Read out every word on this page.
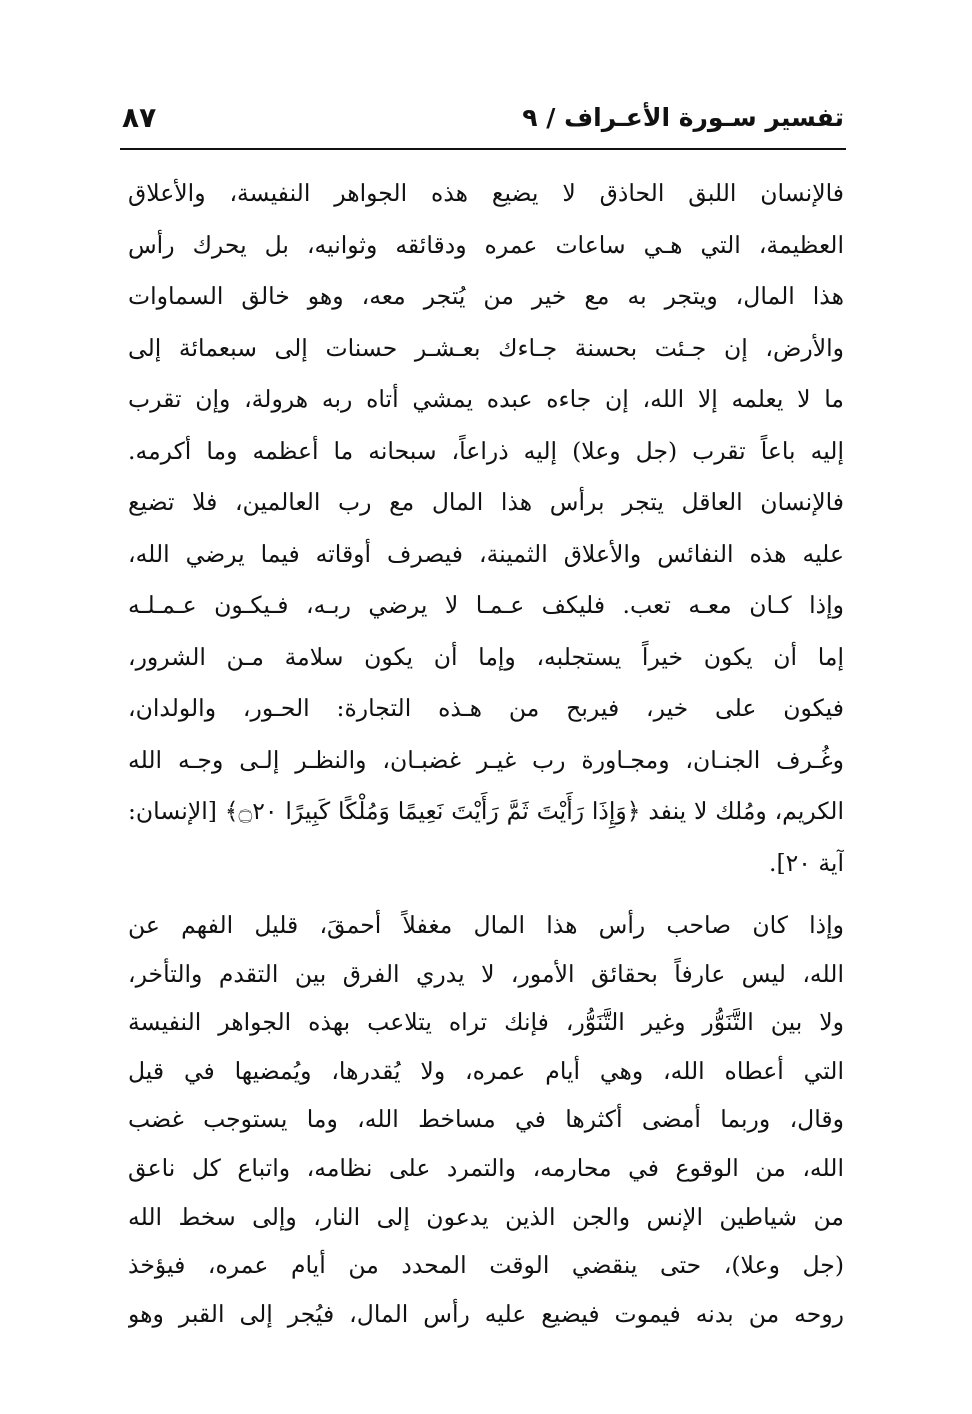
تفسير سـورة الأعـراف / ٩
٨٧
فالإنسان اللبق الحاذق لا يضيع هذه الجواهر النفيسة، والأعلاق
العظيمة، التي هـي ساعات عمره ودقائقه وثوانيه، بل يحرك رأس
هذا المال، ويتجر به مع خير من يُتجر معه، وهو خالق السماوات
والأرض، إن جـئت بحسنة جـاءك بعـشـر حسنات إلى سبعمائة إلى
ما لا يعلمه إلا الله، إن جاءه عبده يمشي أتاه ربه هرولة، وإن تقرب
إليه باعاً تقرب (جل وعلا) إليه ذراعاً، سبحانه ما أعظمه وما أكرمه.
فالإنسان العاقل يتجر برأس هذا المال مع رب العالمين، فلا تضيع
عليه هذه النفائس والأعلاق الثمينة، فيصرف أوقاته فيما يرضي الله،
وإذا كـان معـه تعب. فليكف عـمـا لا يرضي ربـه، فـيكـون عـمـلـه
إما أن يكون خيراً يستجلبه، وإما أن يكون سلامة مـن الشرور،
فيكون على خير، فيربح من هـذه التجارة: الحـور، والولدان،
وغُـرف الجنـان، ومجـاورة رب غيـر غضبـان، والنظـر إلـى وجـه الله
الكريم، ومُلك لا ينفد ﴿وَإِذَا رَأَيْتَ ثَمَّ رَأَيْتَ نَعِيمًا وَمُلْكًا كَبِيرًا ۝٢٠﴾ [الإنسان:
آية ٢٠].
وإذا كان صاحب رأس هذا المال مغفلاً أحمقَ، قليل الفهم عن
الله، ليس عارفاً بحقائق الأمور، لا يدري الفرق بين التقدم والتأخر،
ولا بين التَّنَوُّر وغير التَّنَوُّر، فإنك تراه يتلاعب بهذه الجواهر النفيسة
التي أعطاه الله، وهي أيام عمره، ولا يُقدرها، ويُمضيها في قيل
وقال، وربما أمضى أكثرها في مساخط الله، وما يستوجب غضب
الله، من الوقوع في محارمه، والتمرد على نظامه، واتباع كل ناعق
من شياطين الإنس والجن الذين يدعون إلى النار، وإلى سخط الله
(جل وعلا)، حتى ينقضي الوقت المحدد من أيام عمره، فيؤخذ
روحه من بدنه فيموت فيضيع عليه رأس المال، فيُجر إلى القبر وهو
